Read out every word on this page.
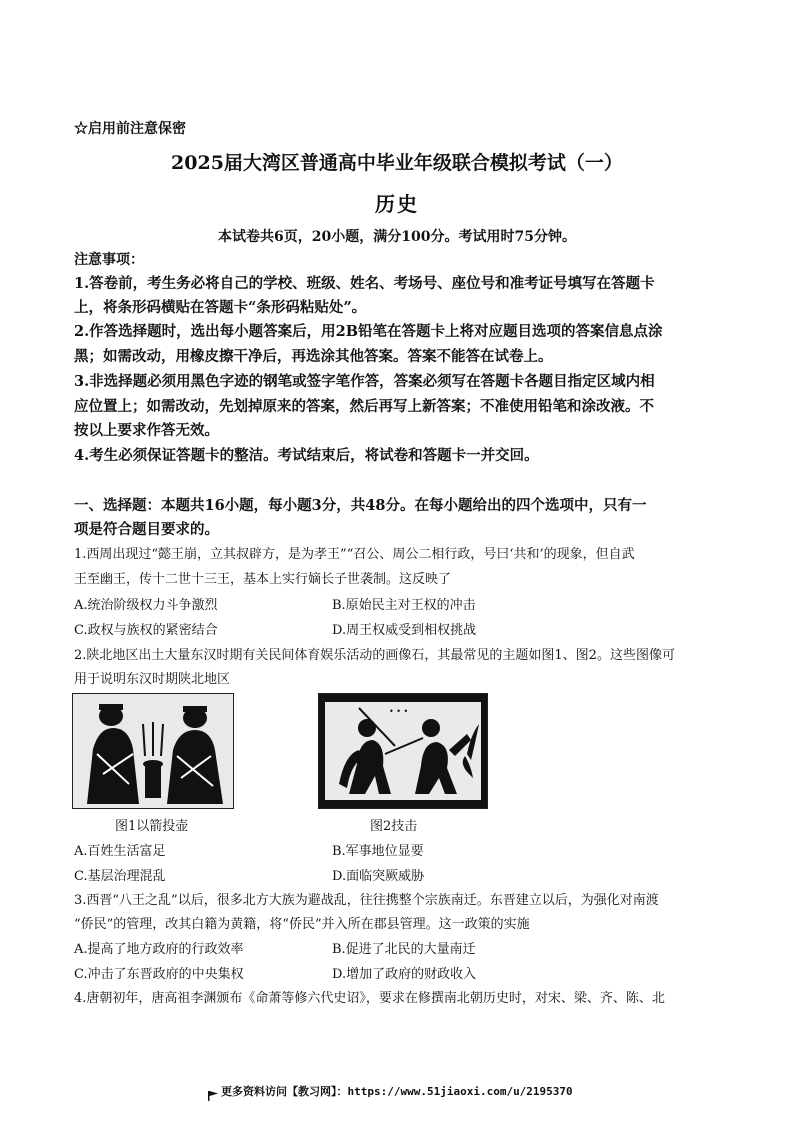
☆启用前注意保密
2025届大湾区普通高中毕业年级联合模拟考试（一）
历史
本试卷共6页，20小题，满分100分。考试用时75分钟。
注意事项：
1.答卷前，考生务必将自己的学校、班级、姓名、考场号、座位号和准考证号填写在答题卡
上，将条形码横贴在答题卡“条形码粘贴处”。
2.作答选择题时，选出每小题答案后，用2B铅笔在答题卡上将对应题目选项的答案信息点涂
黑；如需改动，用橡皮擦干净后，再选涂其他答案。答案不能答在试卷上。
3.非选择题必须用黑色字迹的钢笔或签字笔作答，答案必须写在答题卡各题目指定区域内相
应位置上；如需改动，先划掉原来的答案，然后再写上新答案；不准使用铅笔和涂改液。不
按以上要求作答无效。
4.考生必须保证答题卡的整洁。考试结束后，将试卷和答题卡一并交回。
一、选择题：本题共16小题，每小题3分，共48分。在每小题给出的四个选项中，只有一
项是符合题目要求的。
1.西周出现过“懿王崩，立其叔辟方，是为孝王”“召公、周公二相行政，号曰‘共和’的现象，但自武
王至幽王，传十二世十三王，基本上实行嫡长子世袭制。这反映了
A.统治阶级权力斗争激烈	B.原始民主对王权的冲击
C.政权与族权的紧密结合	D.周王权威受到相权挑战
2.陕北地区出土大量东汉时期有关民间体育娱乐活动的画像石，其最常见的主题如图1、图2。这些图像可
用于说明东汉时期陕北地区
图1以箭投壶
• • •
图2技击
A.百姓生活富足	B.军事地位显要
C.基层治理混乱	D.面临突厥威胁
3.西晋“八王之乱”以后，很多北方大族为避战乱，往往携整个宗族南迁。东晋建立以后，为强化对南渡
“侨民”的管理，改其白籍为黄籍，将“侨民”并入所在郡县管理。这一政策的实施
A.提高了地方政府的行政效率	B.促进了北民的大量南迁
C.冲击了东晋政府的中央集权	D.增加了政府的财政收入
4.唐朝初年，唐高祖李渊颁布《命萧等修六代史诏》，要求在修撰南北朝历史时，对宋、梁、齐、陈、北
更多资料访问【教习网】：https://www.51jiaoxi.com/u/2195370
